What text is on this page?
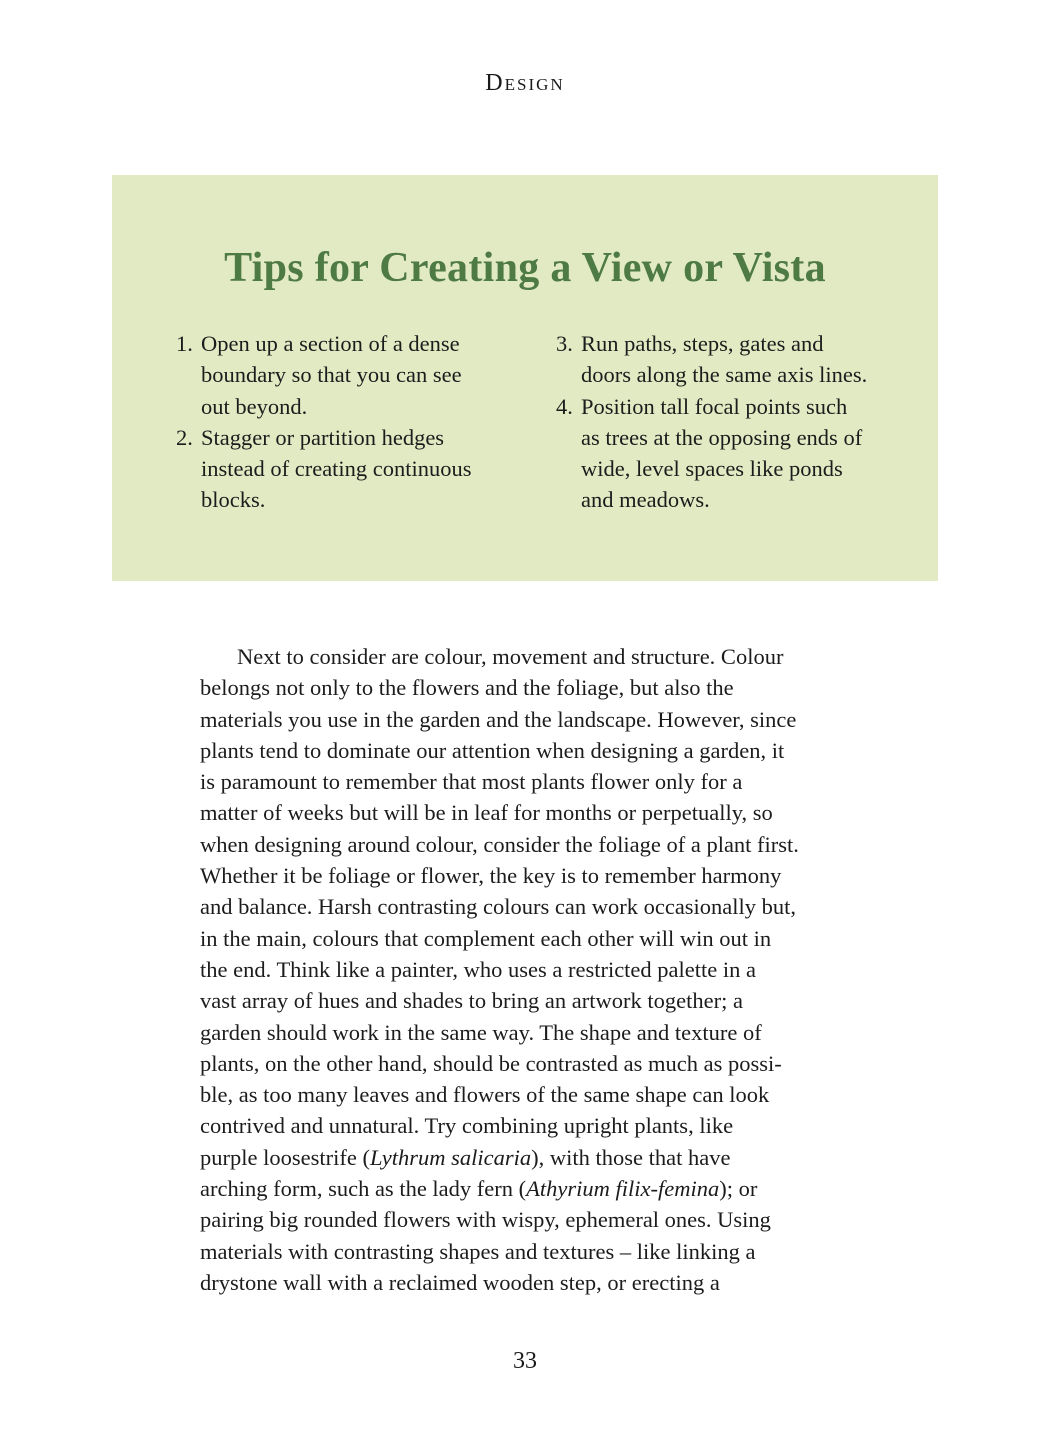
Design
Tips for Creating a View or Vista
1. Open up a section of a dense
boundary so that you can see
out beyond.
2. Stagger or partition hedges
instead of creating continuous
blocks.
3. Run paths, steps, gates and
doors along the same axis lines.
4. Position tall focal points such
as trees at the opposing ends of
wide, level spaces like ponds
and meadows.
Next to consider are colour, movement and structure. Colour
belongs not only to the flowers and the foliage, but also the
materials you use in the garden and the landscape. However, since
plants tend to dominate our attention when designing a garden, it
is paramount to remember that most plants flower only for a
matter of weeks but will be in leaf for months or perpetually, so
when designing around colour, consider the foliage of a plant first.
Whether it be foliage or flower, the key is to remember harmony
and balance. Harsh contrasting colours can work occasionally but,
in the main, colours that complement each other will win out in
the end. Think like a painter, who uses a restricted palette in a
vast array of hues and shades to bring an artwork together; a
garden should work in the same way. The shape and texture of
plants, on the other hand, should be contrasted as much as possi-
ble, as too many leaves and flowers of the same shape can look
contrived and unnatural. Try combining upright plants, like
purple loosestrife (Lythrum salicaria), with those that have
arching form, such as the lady fern (Athyrium filix-femina); or
pairing big rounded flowers with wispy, ephemeral ones. Using
materials with contrasting shapes and textures – like linking a
drystone wall with a reclaimed wooden step, or erecting a
33
